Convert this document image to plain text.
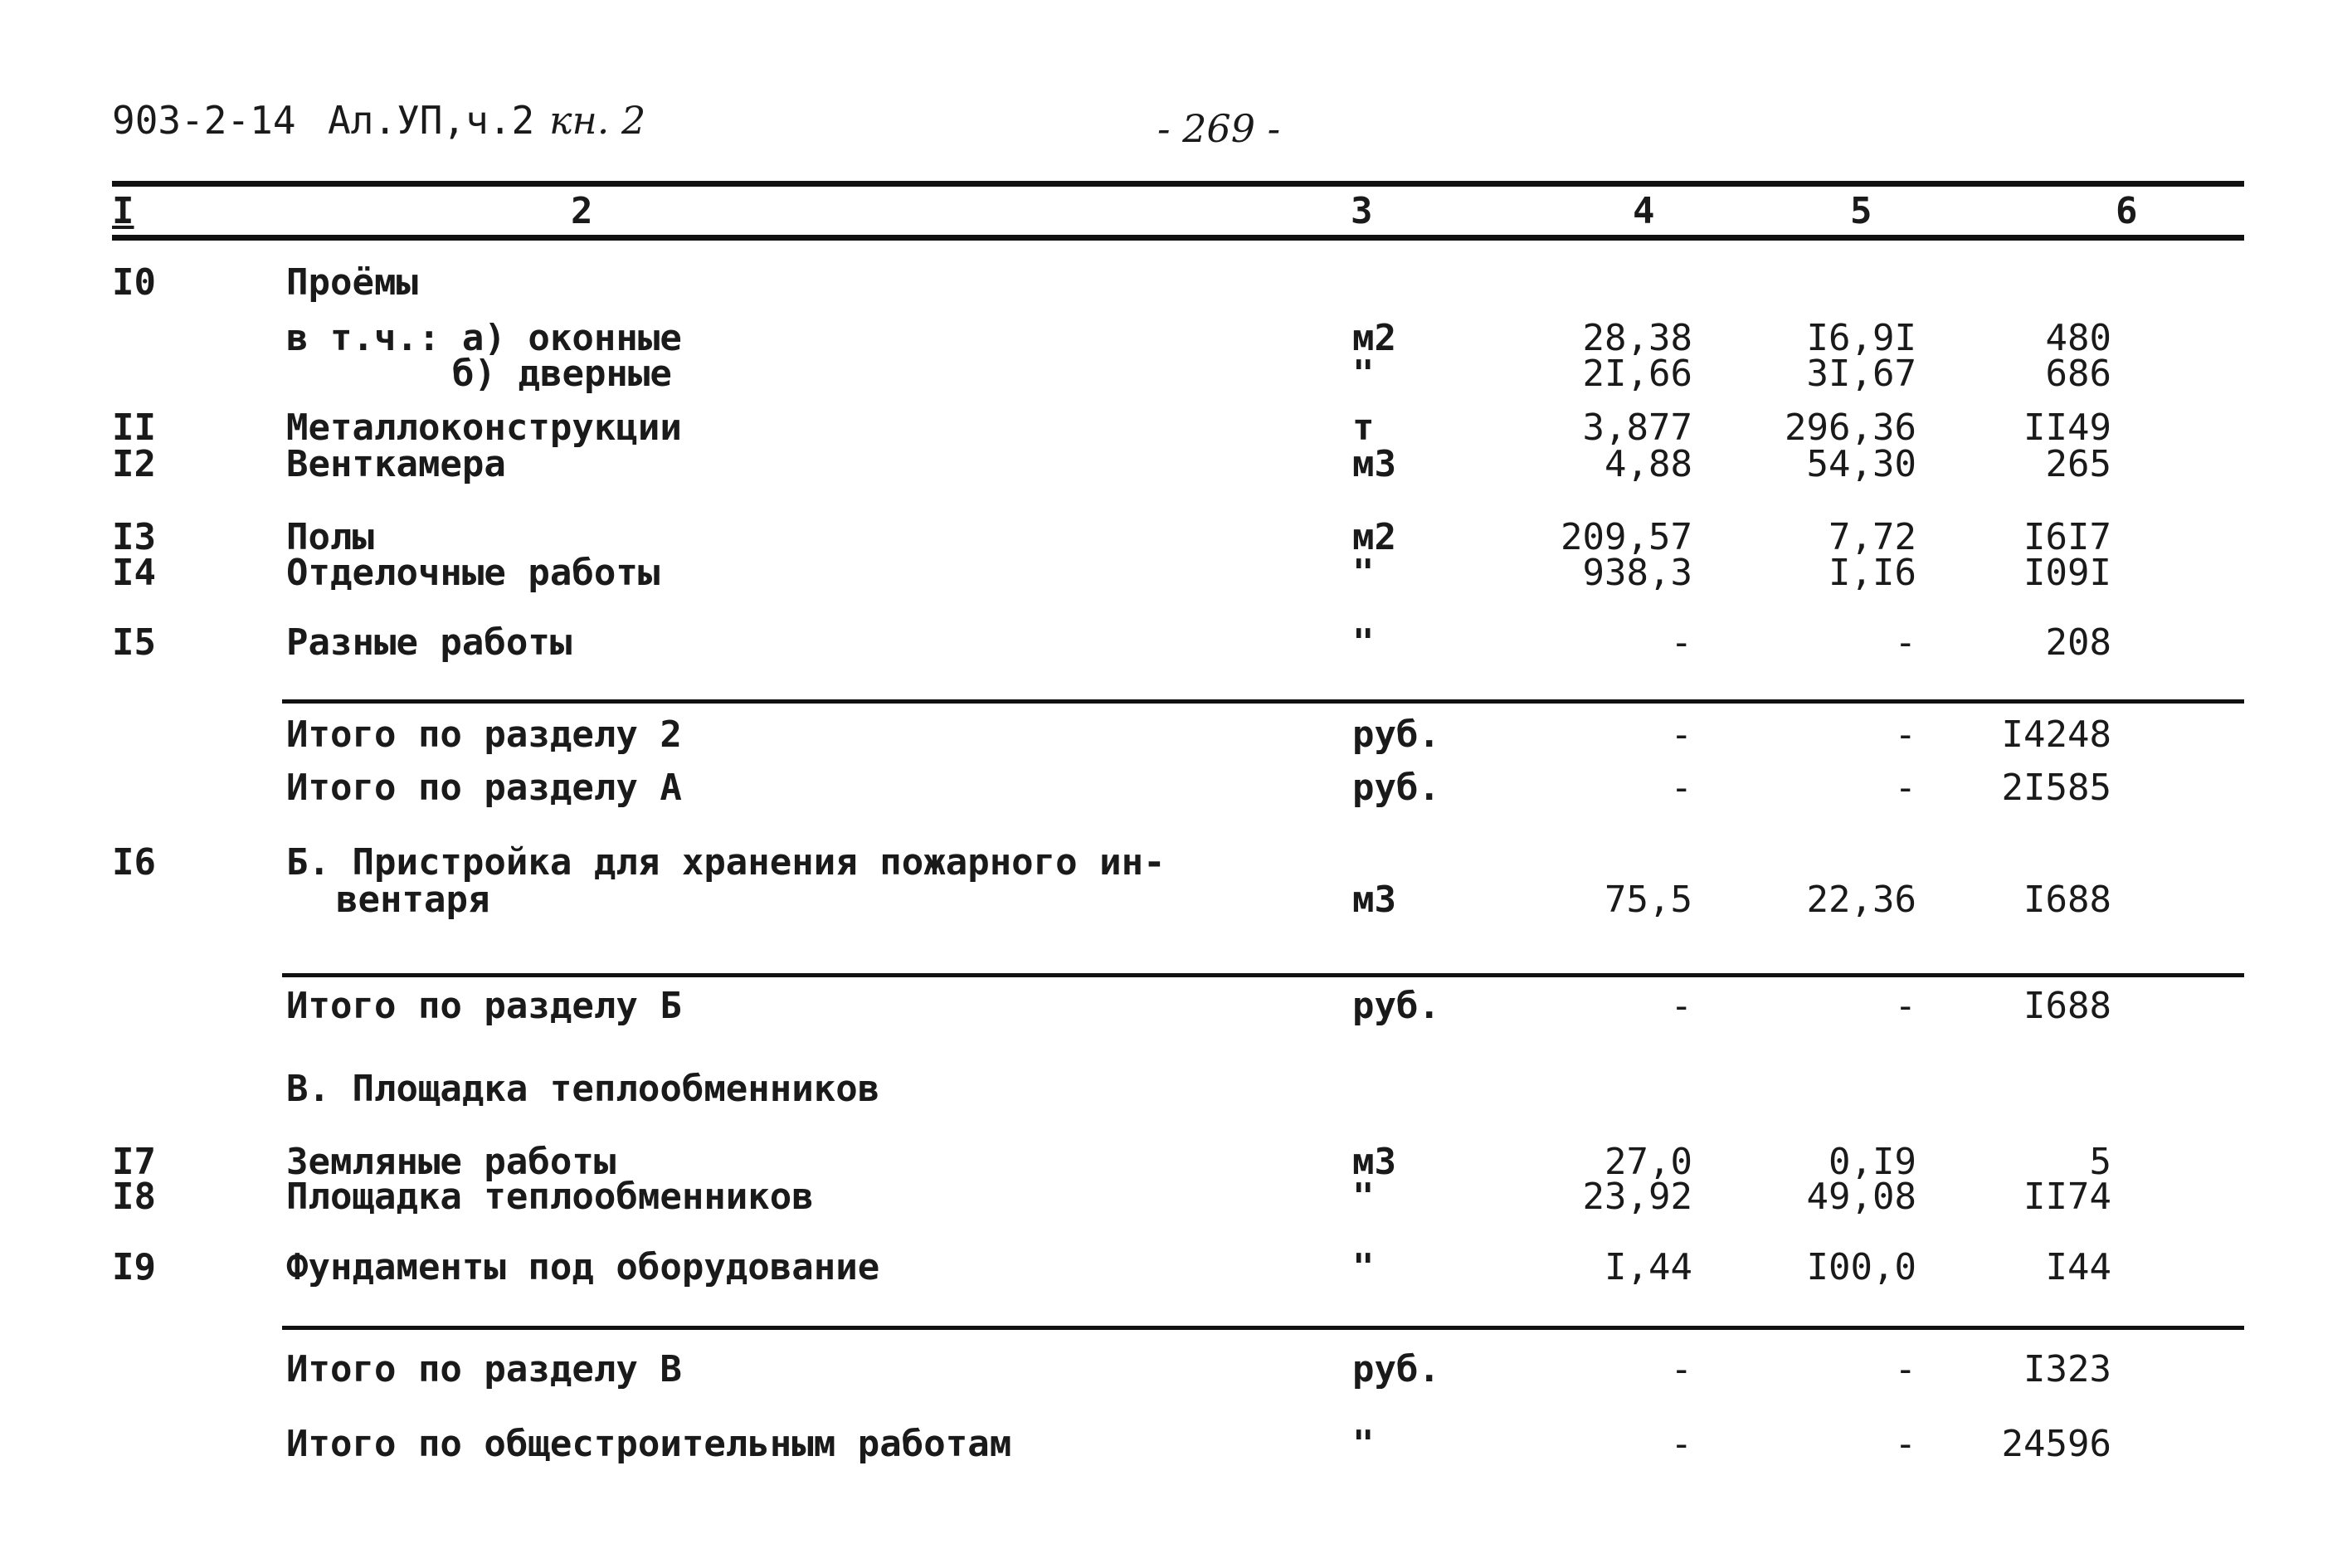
903-2-14 Ал.УП,ч.2 кн. 2	- 269 -
I	2	3	4	5	6
I0	Проёмы
в т.ч.: а) оконные	м2	28,38	I6,9I	480
б) дверные	"	2I,66	3I,67	686
II	Металлоконструкции	т	3,877	296,36	II49
I2	Венткамера	м3	4,88	54,30	265
I3	Полы	м2	209,57	7,72	I6I7
I4	Отделочные работы	"	938,3	I,I6	I09I
I5	Разные работы	"	-	-	208
Итого по разделу 2	руб.	-	-	I4248
Итого по разделу А	руб.	-	-	2I585
I6	Б. Пристройка для хранения пожарного ин-
вентаря	м3	75,5	22,36	I688
Итого по разделу Б	руб.	-	-	I688
В. Площадка теплообменников
I7	Земляные работы	м3	27,0	0,I9	5
I8	Площадка теплообменников	"	23,92	49,08	II74
I9	Фундаменты под оборудование	"	I,44	I00,0	I44
Итого по разделу В	руб.	-	-	I323
Итого по общестроительным работам	"	-	-	24596
